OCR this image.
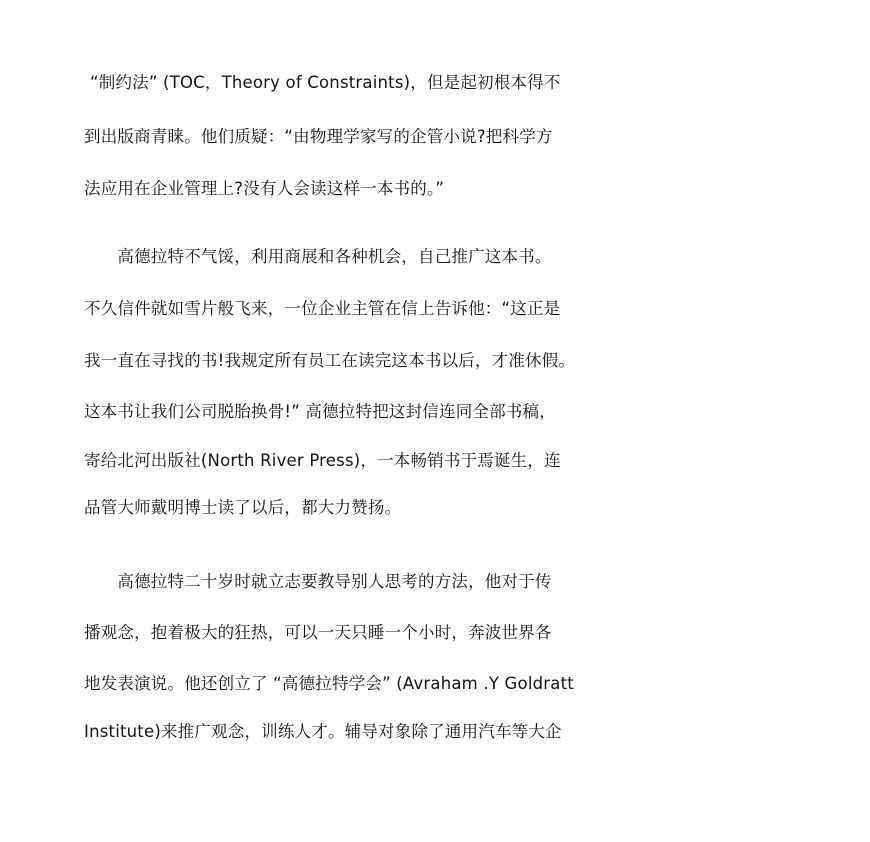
“制约法” (TOC，Theory of Constraints)，但是起初根本得不
到出版商青睐。他们质疑：“由物理学家写的企管小说?把科学方
法应用在企业管理上?没有人会读这样一本书的。”
　　高德拉特不气馁，利用商展和各种机会，自己推广这本书。
不久信件就如雪片般飞来，一位企业主管在信上告诉他：“这正是
我一直在寻找的书!我规定所有员工在读完这本书以后，才准休假。
这本书让我们公司脱胎换骨!” 高德拉特把这封信连同全部书稿，
寄给北河出版社(North River Press)，一本畅销书于焉诞生，连
品管大师戴明博士读了以后，都大力赞扬。
　　高德拉特二十岁时就立志要教导别人思考的方法，他对于传
播观念，抱着极大的狂热，可以一天只睡一个小时，奔波世界各
地发表演说。他还创立了 “高德拉特学会” (Avraham .Y Goldratt
Institute)来推广观念，训练人才。辅导对象除了通用汽车等大企
